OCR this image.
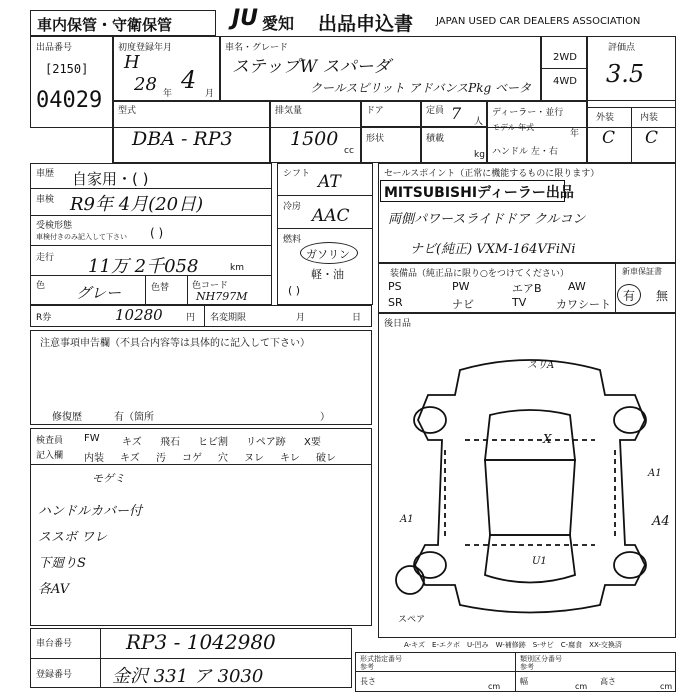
車内保管・守衛保管	JU 愛知 出品申込書 JAPAN USED CAR DEALERS ASSOCIATION
出品番号
[2150]
04029
初度登録年月
H
28 年 4 月
車名・グレード
ステップW スパーダ
クールスピリット アドバンスPkg ベータ
2WD
4WD
評価点
3.5
外装	内装
C C
型式
DBA - RP3
排気量
1500
cc
ドア	定員 7 人
形状	積載
kg
ディーラー・並行
モデル 年式
年
ハンドル 左・右
車歴 自家用・( )
車検 R9年 4月(20日)
受検形態
車検付きのみ記入して下さい ( )
走行 11万 2千058	km
色 グレー	色替	色コード
NH797M
シフト AT
冷房 AAC
燃料
ガソリン
軽・油
( )
セールスポイント（正常に機能するものに限ります）
MITSUBISHIディーラー出品
両側パワースライドドア クルコン
ナビ(純正) VXM-164VFiNi
装備品（純正品に限り○をつけてください）
PS	PW	エアB AW
SR	ナビ	TV	カワシート
新車保証書
有 無
R券	10280	円 名変期限	月	日
注意事項申告欄（不具合内容等は具体的に記入して下さい）
修復歴	有（箇所	）
検査員
記入欄
FW キズ 飛石 ヒビ割 リペア跡 X要
内装 キズ 汚 コゲ 穴 ヌレ キレ 破レ
モゲミ
ハンドルカバー付
ススボ ワレ
下廻りS
各AV
後日品
スリA
X
A1
A4
A1
U1
スペア
A-キズ　E-エクボ　U-凹み　W-補修跡　S-サビ　C-腐食　XX-交換済
車台番号	RP3 - 1042980
登録番号 金沢 331 ア 3030
形式指定番号
参考
類別区分番号
参考
長さ
cm
幅
cm
高さ
cm
